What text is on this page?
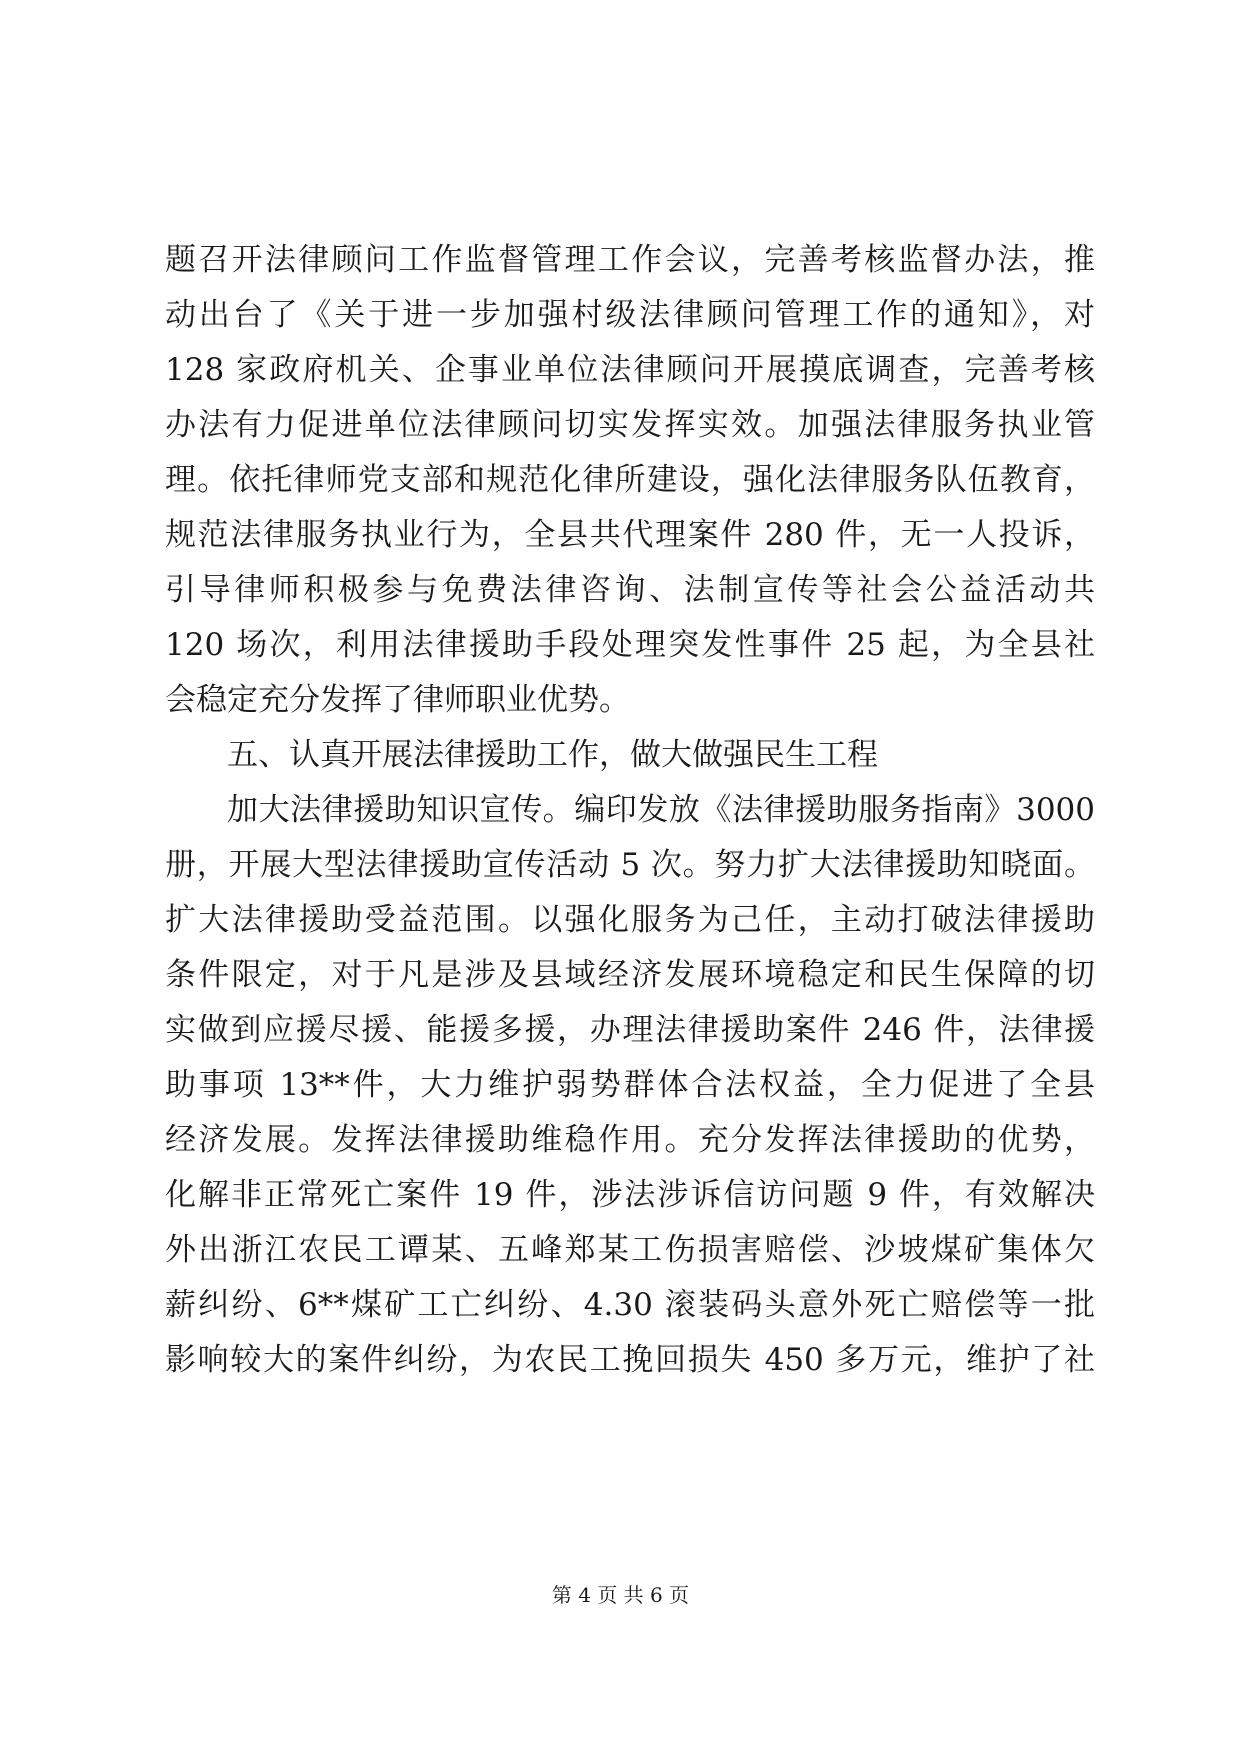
题召开法律顾问工作监督管理工作会议，完善考核监督办法，推
动出台了《关于进一步加强村级法律顾问管理工作的通知》，对
128 家政府机关、企事业单位法律顾问开展摸底调查，完善考核
办法有力促进单位法律顾问切实发挥实效。加强法律服务执业管
理。依托律师党支部和规范化律所建设，强化法律服务队伍教育，
规范法律服务执业行为，全县共代理案件 280 件，无一人投诉，
引导律师积极参与免费法律咨询、法制宣传等社会公益活动共
120 场次，利用法律援助手段处理突发性事件 25 起，为全县社
会稳定充分发挥了律师职业优势。
五、认真开展法律援助工作，做大做强民生工程
加大法律援助知识宣传。编印发放《法律援助服务指南》3000
册，开展大型法律援助宣传活动 5 次。努力扩大法律援助知晓面。
扩大法律援助受益范围。以强化服务为己任，主动打破法律援助
条件限定，对于凡是涉及县域经济发展环境稳定和民生保障的切
实做到应援尽援、能援多援，办理法律援助案件 246 件，法律援
助事项 13**件，大力维护弱势群体合法权益，全力促进了全县
经济发展。发挥法律援助维稳作用。充分发挥法律援助的优势，
化解非正常死亡案件 19 件，涉法涉诉信访问题 9 件，有效解决
外出浙江农民工谭某、五峰郑某工伤损害赔偿、沙坡煤矿集体欠
薪纠纷、6**煤矿工亡纠纷、4.30 滚装码头意外死亡赔偿等一批
影响较大的案件纠纷，为农民工挽回损失 450 多万元，维护了社
第 4 页 共 6 页
